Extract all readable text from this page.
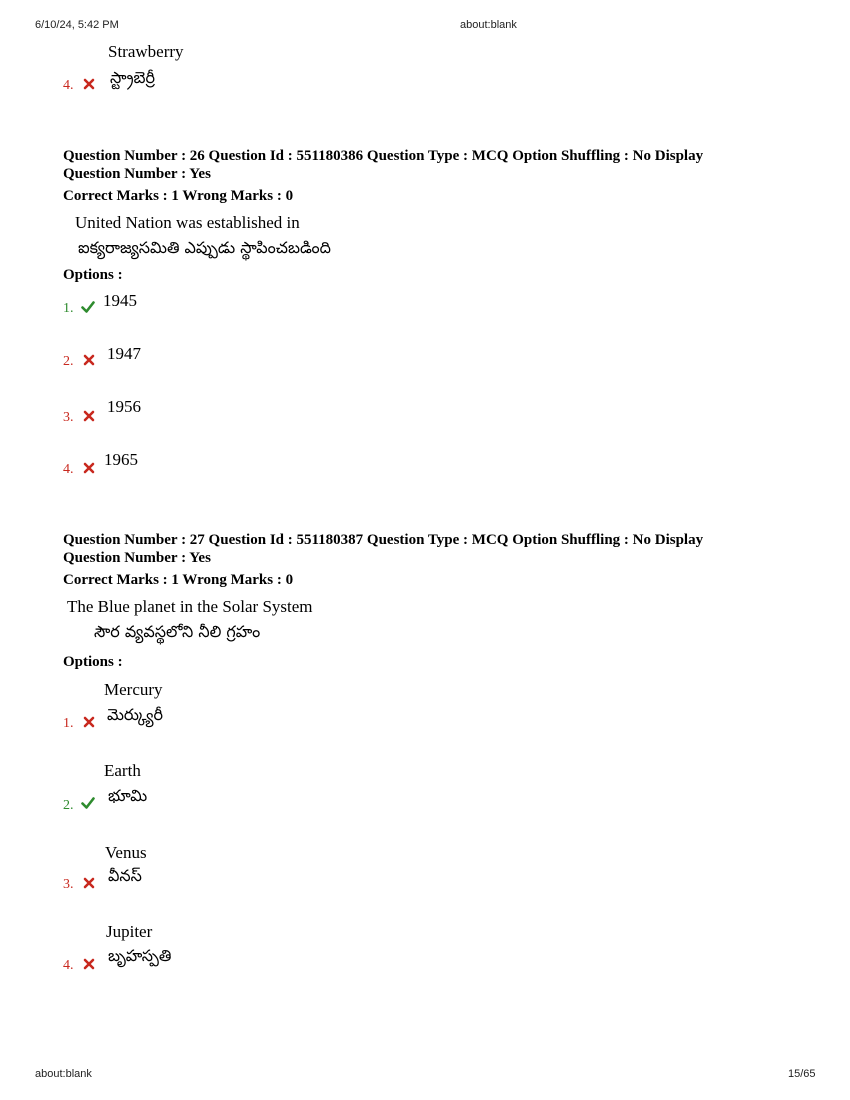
6/10/24, 5:42 PM	about:blank
Strawberry
స్ట్రాబెర్రీ
4.
Question Number : 26 Question Id : 551180386 Question Type : MCQ Option Shuffling : No Display
Question Number : Yes
Correct Marks : 1 Wrong Marks : 0
United Nation was established in
ఐక్యరాజ్యసమితి ఎప్పుడు స్థాపించబడింది
Options :
1. 1945
2. 1947
3.
1956
4.
1965
Question Number : 27 Question Id : 551180387 Question Type : MCQ Option Shuffling : No Display
Question Number : Yes
Correct Marks : 1 Wrong Marks : 0
The Blue planet in the Solar System
సౌర వ్యవస్థలోని నీలి గ్రహం
Options :
Mercury
మెర్క్యురీ
1.
Earth
భూమి
2.
Venus
వీనస్
3.
Jupiter
బృహస్పతి
4.
about:blank	15/65
